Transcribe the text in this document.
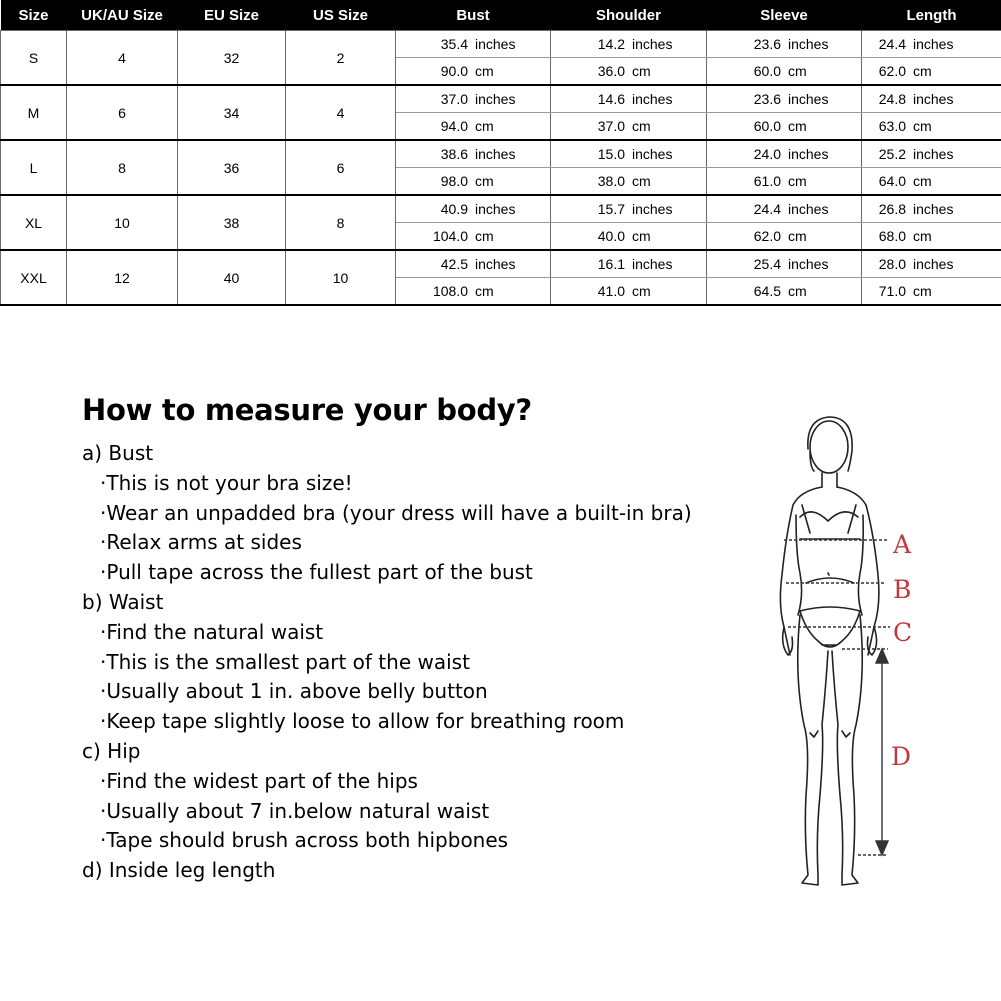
Size	UK/AU Size	EU Size	US Size	Bust	Shoulder	Sleeve	Length
S	4	32	2	35.4 inches	14.2 inches	23.6 inches	24.4 inches
				90.0 cm	36.0 cm	60.0 cm	62.0 cm
M	6	34	4	37.0 inches	14.6 inches	23.6 inches	24.8 inches
				94.0 cm	37.0 cm	60.0 cm	63.0 cm
L	8	36	6	38.6 inches	15.0 inches	24.0 inches	25.2 inches
				98.0 cm	38.0 cm	61.0 cm	64.0 cm
XL	10	38	8	40.9 inches	15.7 inches	24.4 inches	26.8 inches
				104.0 cm	40.0 cm	62.0 cm	68.0 cm
XXL	12	40	10	42.5 inches	16.1 inches	25.4 inches	28.0 inches
				108.0 cm	41.0 cm	64.5 cm	71.0 cm
How to measure your body?

a) Bust

· This is not your bra size!

· Wear an unpadded bra (your dress will have a built-in bra)

· Relax arms at sides

· Pull tape across the fullest part of the bust

b) Waist

· Find the natural waist

· This is the smallest part of the waist

· Usually about 1 in. above belly button

· Keep tape slightly loose to allow for breathing room

c) Hip

· Find the widest part of the hips

· Usually about 7 in.below natural waist

· Tape should brush across both hipbones

d) Inside leg length

A
B
C
D
